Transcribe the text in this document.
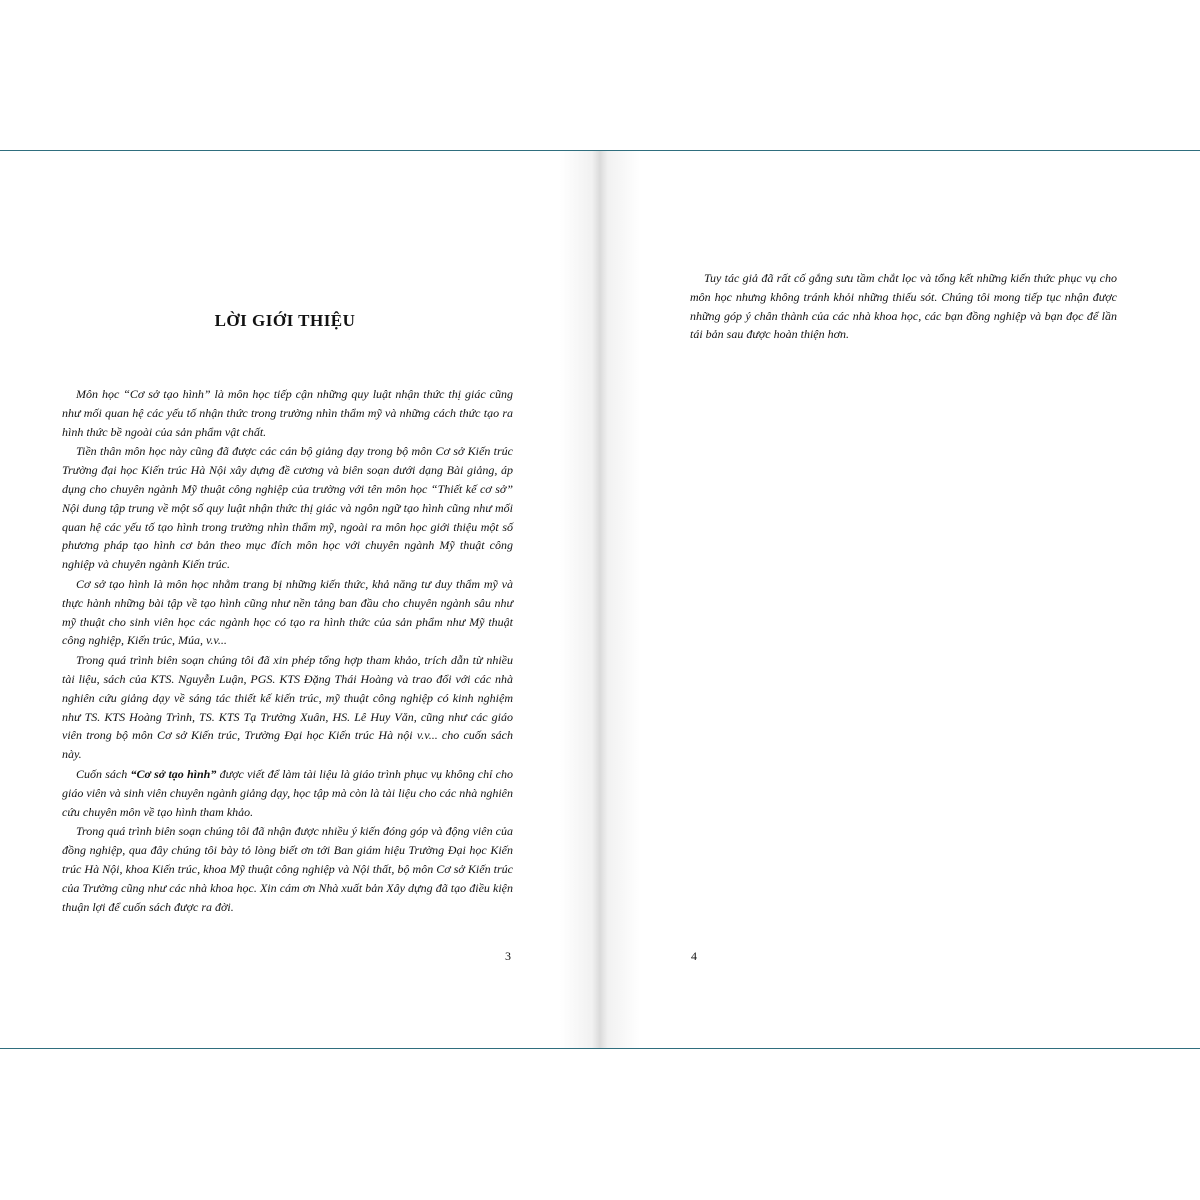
LỜI GIỚI THIỆU

Môn học “Cơ sở tạo hình” là môn học tiếp cận những quy luật nhận thức thị giác cũng như mối quan hệ các yếu tố nhận thức trong trường nhìn thẩm mỹ và những cách thức tạo ra hình thức bề ngoài của sản phẩm vật chất.

Tiền thân môn học này cũng đã được các cán bộ giảng dạy trong bộ môn Cơ sở Kiến trúc Trường đại học Kiến trúc Hà Nội xây dựng đề cương và biên soạn dưới dạng Bài giảng, áp dụng cho chuyên ngành Mỹ thuật công nghiệp của trường với tên môn học “Thiết kế cơ sở” Nội dung tập trung về một số quy luật nhận thức thị giác và ngôn ngữ tạo hình cũng như mối quan hệ các yếu tố tạo hình trong trường nhìn thẩm mỹ, ngoài ra môn học giới thiệu một số phương pháp tạo hình cơ bản theo mục đích môn học với chuyên ngành Mỹ thuật công nghiệp và chuyên ngành Kiến trúc.

Cơ sở tạo hình là môn học nhằm trang bị những kiến thức, khả năng tư duy thẩm mỹ và thực hành những bài tập về tạo hình cũng như nền tảng ban đầu cho chuyên ngành sâu như mỹ thuật cho sinh viên học các ngành học có tạo ra hình thức của sản phẩm như Mỹ thuật công nghiệp, Kiến trúc, Múa, v.v...

Trong quá trình biên soạn chúng tôi đã xin phép tổng hợp tham khảo, trích dẫn từ nhiều tài liệu, sách của KTS. Nguyễn Luận, PGS. KTS Đặng Thái Hoàng và trao đổi với các nhà nghiên cứu giảng dạy về sáng tác thiết kế kiến trúc, mỹ thuật công nghiệp có kinh nghiệm như TS. KTS Hoàng Trình, TS. KTS Tạ Trường Xuân, HS. Lê Huy Văn, cũng như các giáo viên trong bộ môn Cơ sở Kiến trúc, Trường Đại học Kiến trúc Hà nội v.v... cho cuốn sách này.

Cuốn sách “Cơ sở tạo hình” được viết để làm tài liệu là giáo trình phục vụ không chỉ cho giáo viên và sinh viên chuyên ngành giảng dạy, học tập mà còn là tài liệu cho các nhà nghiên cứu chuyên môn về tạo hình tham khảo.

Trong quá trình biên soạn chúng tôi đã nhận được nhiều ý kiến đóng góp và động viên của đồng nghiệp, qua đây chúng tôi bày tỏ lòng biết ơn tới Ban giám hiệu Trường Đại học Kiến trúc Hà Nội, khoa Kiến trúc, khoa Mỹ thuật công nghiệp và Nội thất, bộ môn Cơ sở Kiến trúc của Trường cũng như các nhà khoa học. Xin cám ơn Nhà xuất bản Xây dựng đã tạo điều kiện thuận lợi để cuốn sách được ra đời.

3

Tuy tác giả đã rất cố gắng sưu tầm chắt lọc và tổng kết những kiến thức phục vụ cho môn học nhưng không tránh khỏi những thiếu sót. Chúng tôi mong tiếp tục nhận được những góp ý chân thành của các nhà khoa học, các bạn đồng nghiệp và bạn đọc để lần tái bản sau được hoàn thiện hơn.

4
